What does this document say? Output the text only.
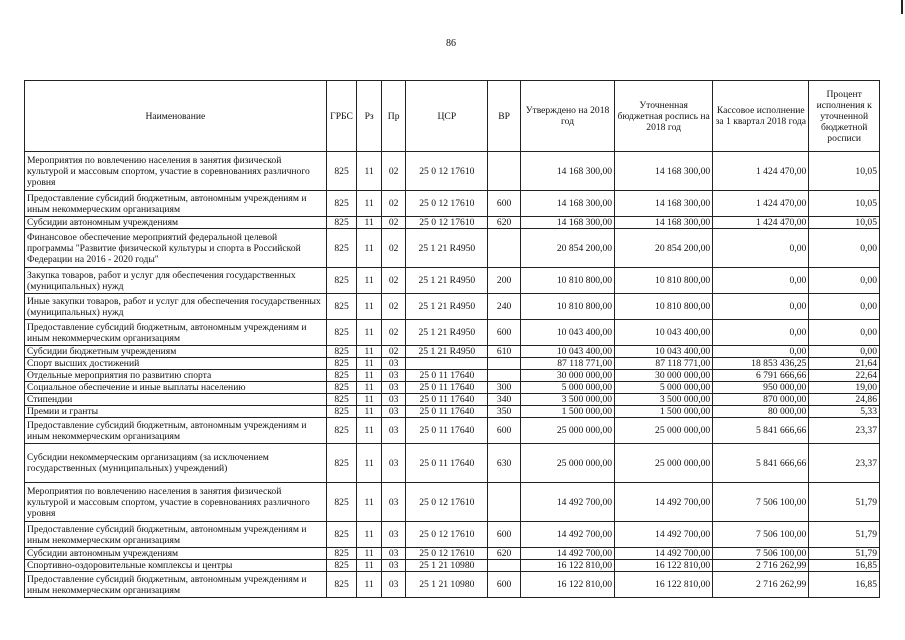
86
Наименование	ГРБС	Рз	Пр	ЦСР	ВР	Утверждено на 2018 год	Уточненная бюджетная роспись на 2018 год	Кассовое исполнение за 1 квартал 2018 года	Процент исполнения к уточненной бюджетной росписи
Мероприятия по вовлечению населения в занятия физической культурой и массовым спортом, участие в соревнованиях различного уровня	825	11	02	25 0 12 17610		14 168 300,00	14 168 300,00	1 424 470,00	10,05
Предоставление субсидий бюджетным, автономным учреждениям и иным некоммерческим организациям	825	11	02	25 0 12 17610	600	14 168 300,00	14 168 300,00	1 424 470,00	10,05
Субсидии автономным учреждениям	825	11	02	25 0 12 17610	620	14 168 300,00	14 168 300,00	1 424 470,00	10,05
Финансовое обеспечение мероприятий федеральной целевой программы "Развитие физической культуры и спорта в Российской Федерации на 2016 - 2020 годы"	825	11	02	25 1 21 R4950		20 854 200,00	20 854 200,00	0,00	0,00
Закупка товаров, работ и услуг для обеспечения государственных (муниципальных) нужд	825	11	02	25 1 21 R4950	200	10 810 800,00	10 810 800,00	0,00	0,00
Иные закупки товаров, работ и услуг для обеспечения государственных (муниципальных) нужд	825	11	02	25 1 21 R4950	240	10 810 800,00	10 810 800,00	0,00	0,00
Предоставление субсидий бюджетным, автономным учреждениям и иным некоммерческим организациям	825	11	02	25 1 21 R4950	600	10 043 400,00	10 043 400,00	0,00	0,00
Субсидии бюджетным учреждениям	825	11	02	25 1 21 R4950	610	10 043 400,00	10 043 400,00	0,00	0,00
Спорт высших достижений	825	11	03			87 118 771,00	87 118 771,00	18 853 436,25	21,64
Отдельные мероприятия по развитию спорта	825	11	03	25 0 11 17640		30 000 000,00	30 000 000,00	6 791 666,66	22,64
Социальное обеспечение и иные выплаты населению	825	11	03	25 0 11 17640	300	5 000 000,00	5 000 000,00	950 000,00	19,00
Стипендии	825	11	03	25 0 11 17640	340	3 500 000,00	3 500 000,00	870 000,00	24,86
Премии и гранты	825	11	03	25 0 11 17640	350	1 500 000,00	1 500 000,00	80 000,00	5,33
Предоставление субсидий бюджетным, автономным учреждениям и иным некоммерческим организациям	825	11	03	25 0 11 17640	600	25 000 000,00	25 000 000,00	5 841 666,66	23,37
Субсидии некоммерческим организациям (за исключением государственных (муниципальных) учреждений)	825	11	03	25 0 11 17640	630	25 000 000,00	25 000 000,00	5 841 666,66	23,37
Мероприятия по вовлечению населения в занятия физической культурой и массовым спортом, участие в соревнованиях различного уровня	825	11	03	25 0 12 17610		14 492 700,00	14 492 700,00	7 506 100,00	51,79
Предоставление субсидий бюджетным, автономным учреждениям и иным некоммерческим организациям	825	11	03	25 0 12 17610	600	14 492 700,00	14 492 700,00	7 506 100,00	51,79
Субсидии автономным учреждениям	825	11	03	25 0 12 17610	620	14 492 700,00	14 492 700,00	7 506 100,00	51,79
Спортивно-оздоровительные комплексы и центры	825	11	03	25 1 21 10980		16 122 810,00	16 122 810,00	2 716 262,99	16,85
Предоставление субсидий бюджетным, автономным учреждениям и иным некоммерческим организациям	825	11	03	25 1 21 10980	600	16 122 810,00	16 122 810,00	2 716 262,99	16,85
